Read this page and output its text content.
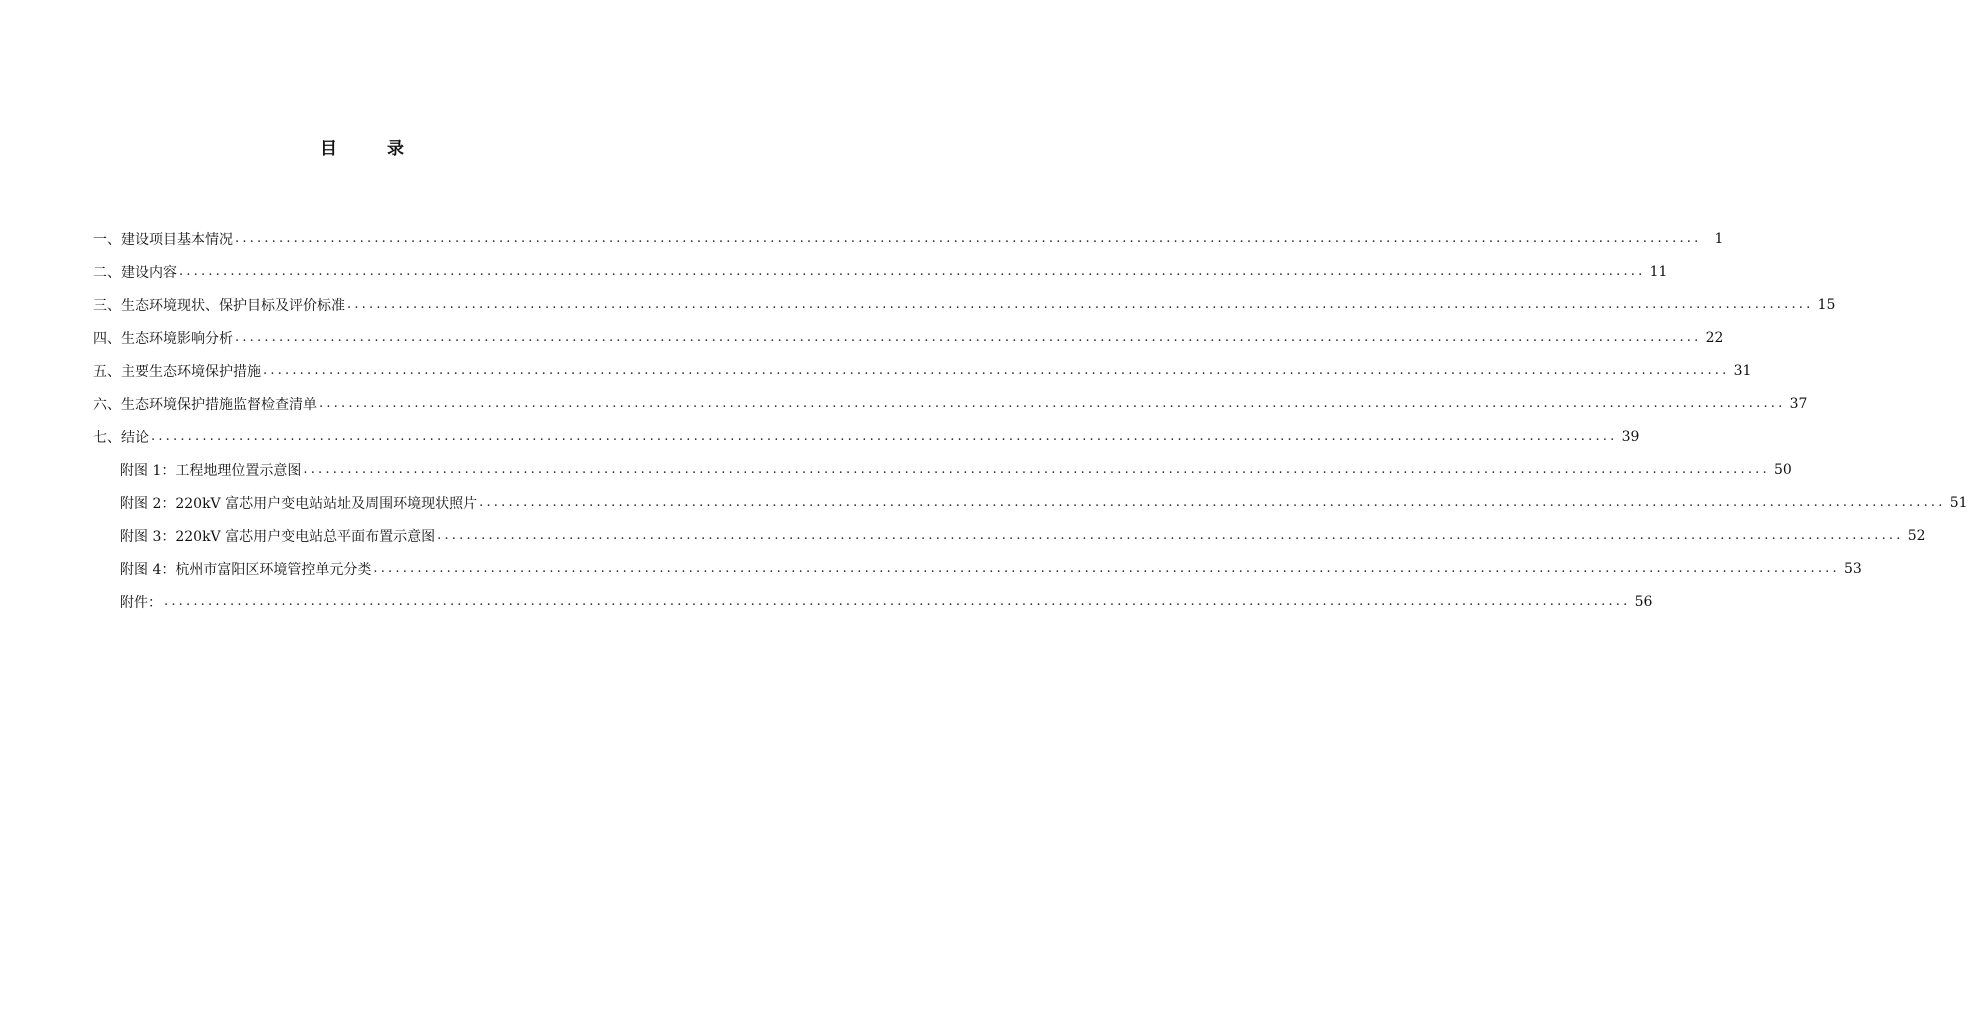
目 录
一、建设项目基本情况 ........................................................................................................................................................................................................ 1
二、建设内容 ........................................................................................................................................................................................................ 11
三、生态环境现状、保护目标及评价标准 ........................................................................................................................................................................................................ 15
四、生态环境影响分析 ........................................................................................................................................................................................................ 22
五、主要生态环境保护措施 ........................................................................................................................................................................................................ 31
六、生态环境保护措施监督检查清单 ........................................................................................................................................................................................................ 37
七、结论 ........................................................................................................................................................................................................ 39
附图 1：工程地理位置示意图 ........................................................................................................................................................................................................ 50
附图 2：220kV 富芯用户变电站站址及周围环境现状照片 ........................................................................................................................................................................................................ 51
附图 3：220kV 富芯用户变电站总平面布置示意图 ........................................................................................................................................................................................................ 52
附图 4：杭州市富阳区环境管控单元分类 ........................................................................................................................................................................................................ 53
附件： ........................................................................................................................................................................................................ 56
